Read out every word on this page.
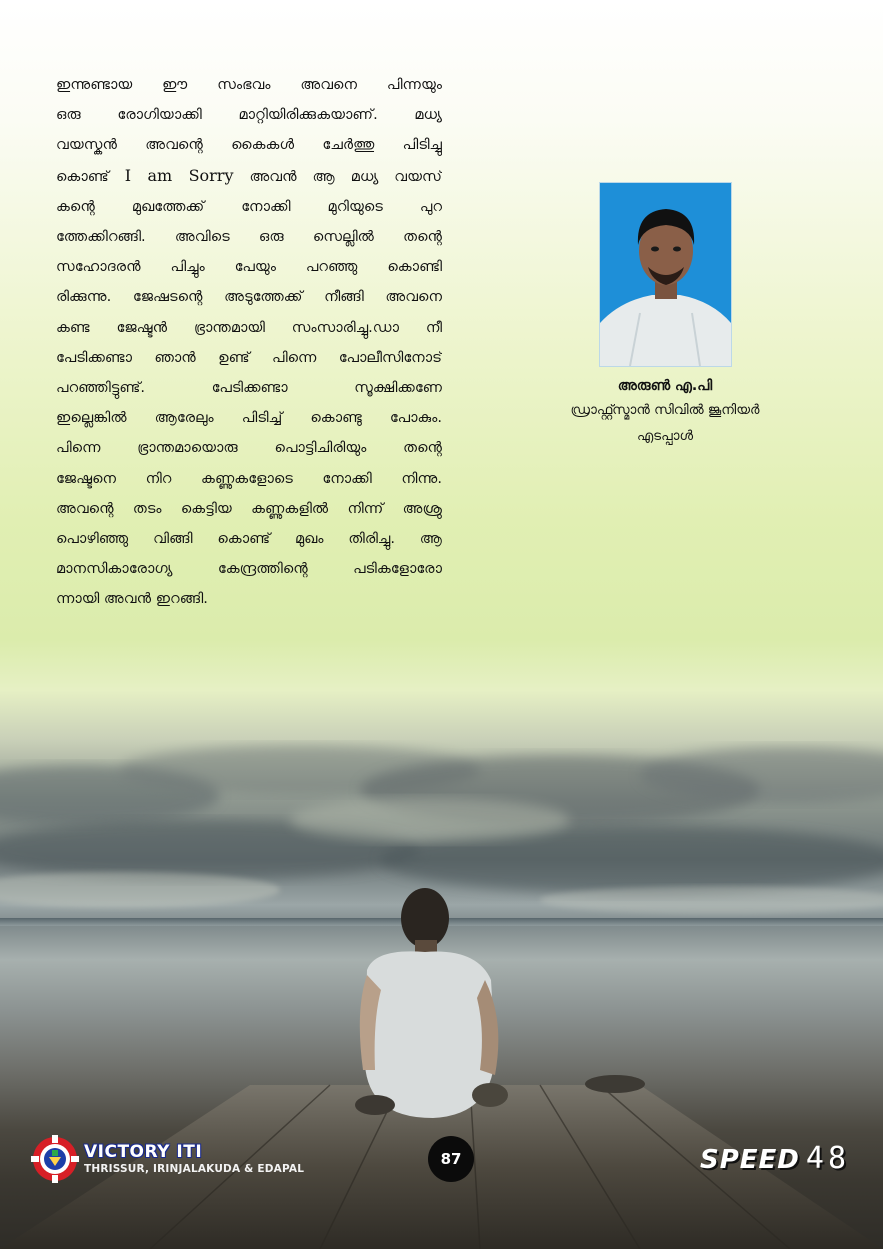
ഇന്നുണ്ടായ ഈ സംഭവം അവനെ പിന്നയും
ഒരു രോഗിയാക്കി മാറ്റിയിരിക്കുകയാണ്. മധ്യ
വയസ്കൻ അവന്റെ കൈകൾ ചേർത്തു പിടിച്ചു
കൊണ്ട് I am Sorry അവൻ ആ മധ്യ വയസ്
കന്റെ മുഖത്തേക്ക് നോക്കി മുറിയുടെ പുറ
ത്തേക്കിറങ്ങി. അവിടെ ഒരു സെല്ലിൽ തന്റെ
സഹോദരൻ പിച്ചും പേയും പറഞ്ഞു കൊണ്ടി
രിക്കുന്നു. ജേഷടന്റെ അടുത്തേക്ക് നീങ്ങി അവനെ
കണ്ട ജേഷ്ടൻ ഭ്രാന്തമായി സംസാരിച്ചു.ഡാ നീ
പേടിക്കണ്ടാ ഞാൻ ഉണ്ട് പിന്നെ പോലീസിനോട്
പറഞ്ഞിട്ടുണ്ട്. പേടിക്കണ്ടാ സൂക്ഷിക്കണേ
ഇല്ലെങ്കിൽ ആരേലും പിടിച്ച് കൊണ്ടു പോകും.
പിന്നെ ഭ്രാന്തമായൊരു പൊട്ടിചിരിയും തന്റെ
ജേഷ്ടനെ നിറ കണ്ണുകളോടെ നോക്കി നിന്നു.
അവന്റെ തടം കെട്ടിയ കണ്ണുകളിൽ നിന്ന് അശ്രു
പൊഴിഞ്ഞു വിങ്ങി കൊണ്ട് മുഖം തിരിച്ചു. ആ
മാനസികാരോഗ്യ കേന്ദ്രത്തിന്റെ പടികളോരോ
ന്നായി അവൻ ഇറങ്ങി.
അരുൺ എ.പി
ഡ്രാഫ്റ്റ്സ്മാൻ സിവിൽ ജൂനിയർ
എടപ്പാൾ
VICTORY ITI
THRISSUR, IRINJALAKUDA & EDAPAL
87	SPEED 48
